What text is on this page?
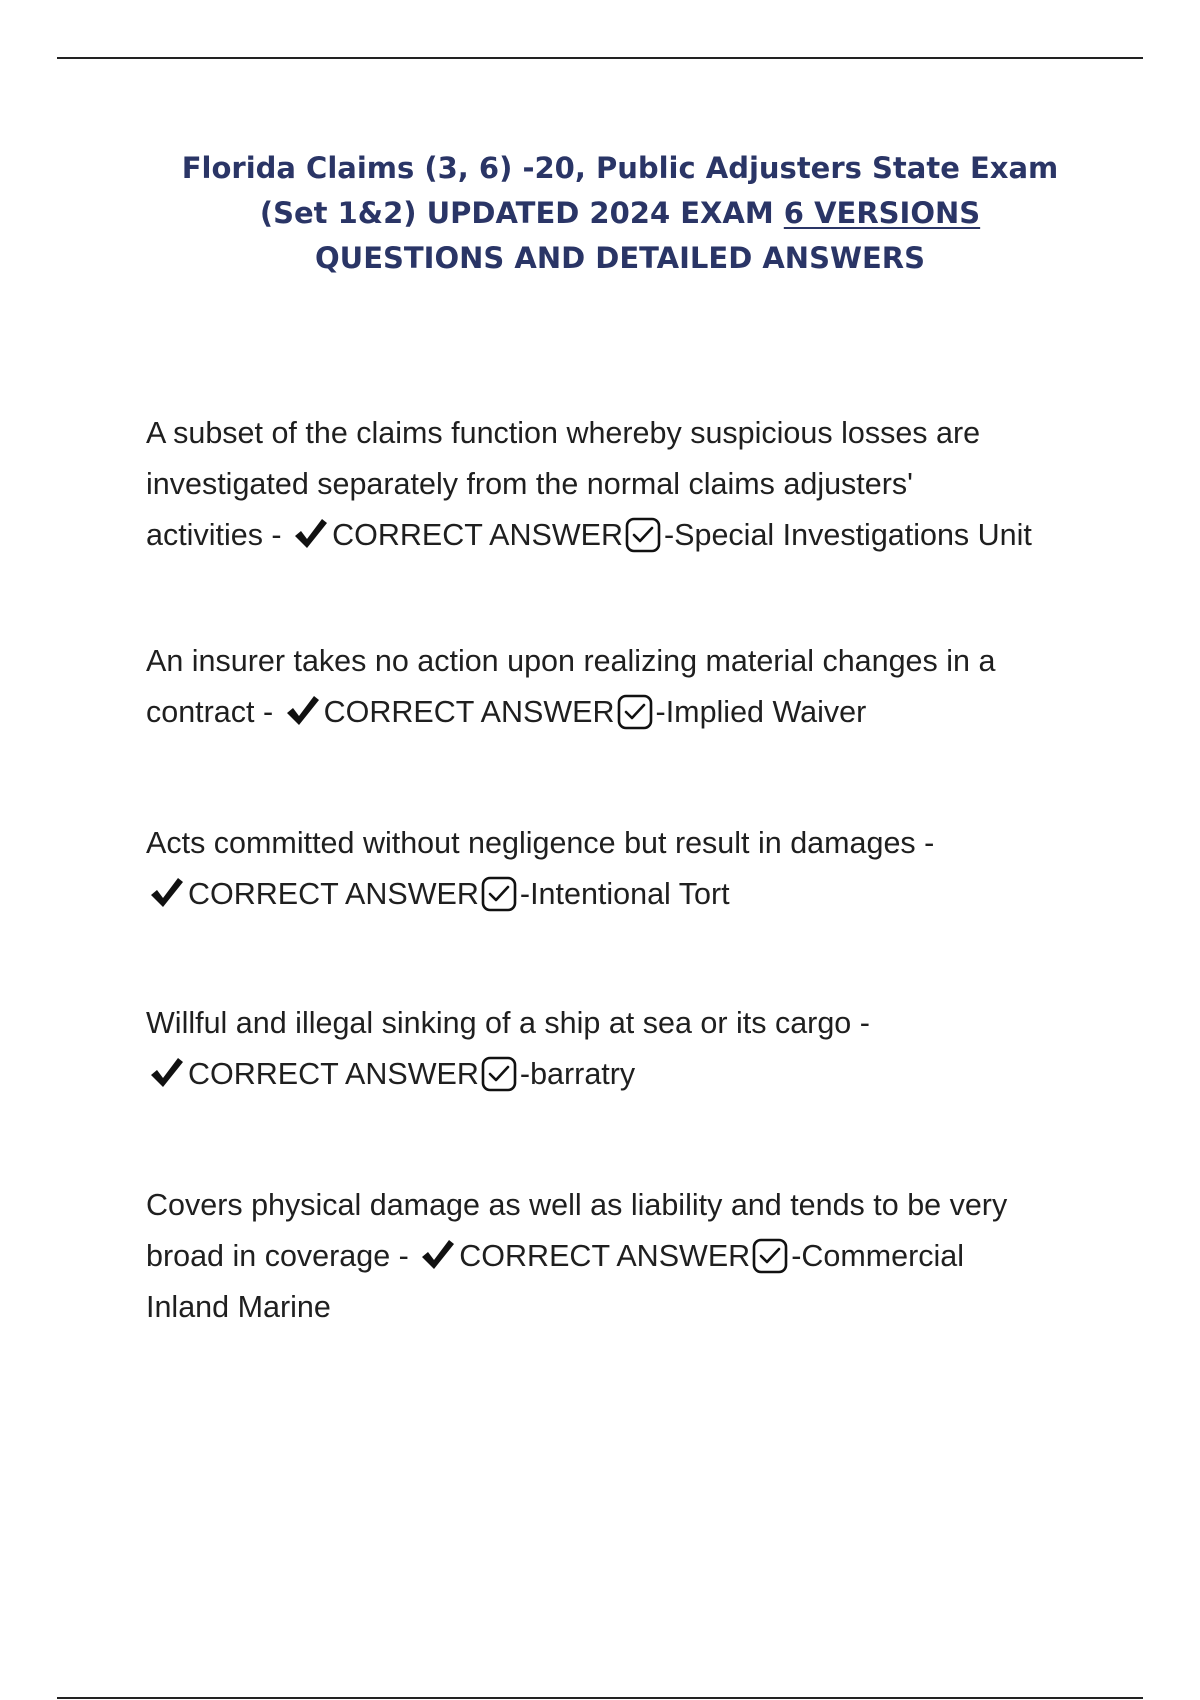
Florida Claims (3, 6) -20, Public Adjusters State Exam
(Set 1&2) UPDATED 2024 EXAM 6 VERSIONS
QUESTIONS AND DETAILED ANSWERS
A subset of the claims function whereby suspicious losses are
investigated separately from the normal claims adjusters'
activities - CORRECT ANSWER -Special Investigations Unit
An insurer takes no action upon realizing material changes in a
contract - CORRECT ANSWER -Implied Waiver
Acts committed without negligence but result in damages -
CORRECT ANSWER -Intentional Tort
Willful and illegal sinking of a ship at sea or its cargo -
CORRECT ANSWER -barratry
Covers physical damage as well as liability and tends to be very
broad in coverage - CORRECT ANSWER -Commercial
Inland Marine
